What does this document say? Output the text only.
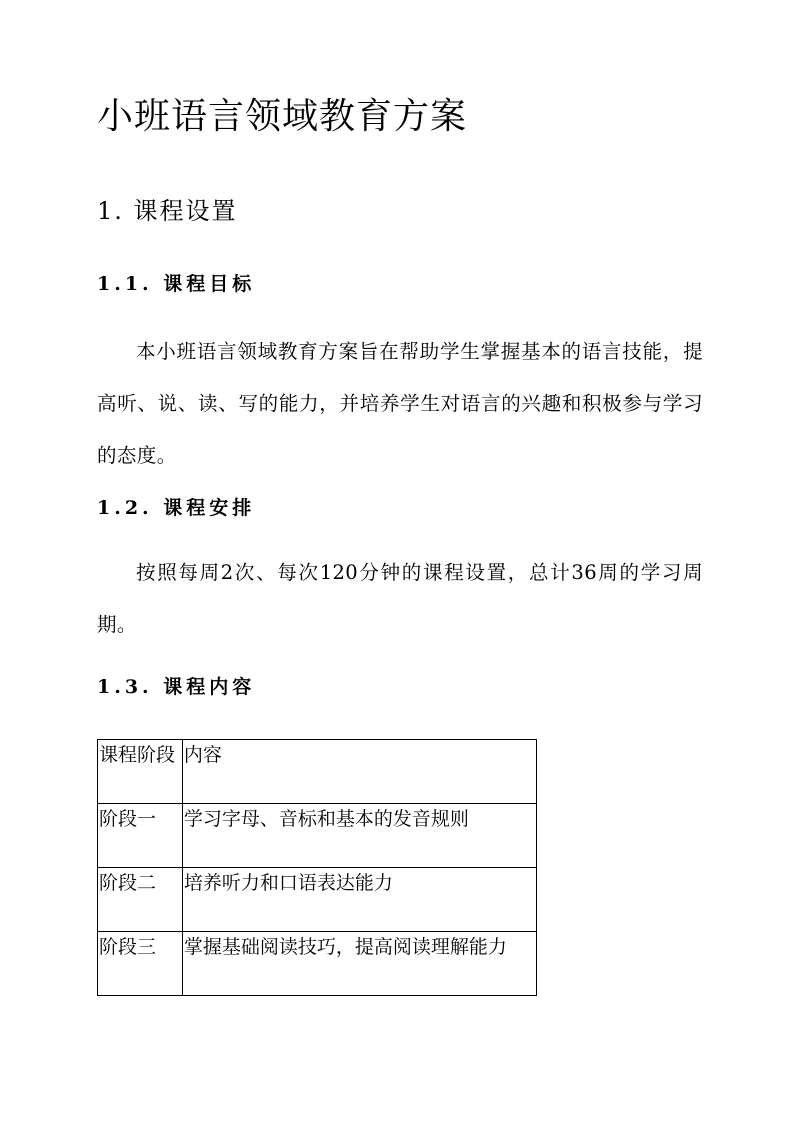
小班语言领域教育方案
1. 课程设置
1.1. 课程目标

本小班语言领域教育方案旨在帮助学生掌握基本的语言技能，提高听、说、读、写的能力，并培养学生对语言的兴趣和积极参与学习的态度。

1.2. 课程安排

按照每周2次、每次120分钟的课程设置，总计36周的学习周期。

1.3. 课程内容
课程阶段	内容
阶段一	学习字母、音标和基本的发音规则
阶段二	培养听力和口语表达能力
阶段三	掌握基础阅读技巧，提高阅读理解能力
